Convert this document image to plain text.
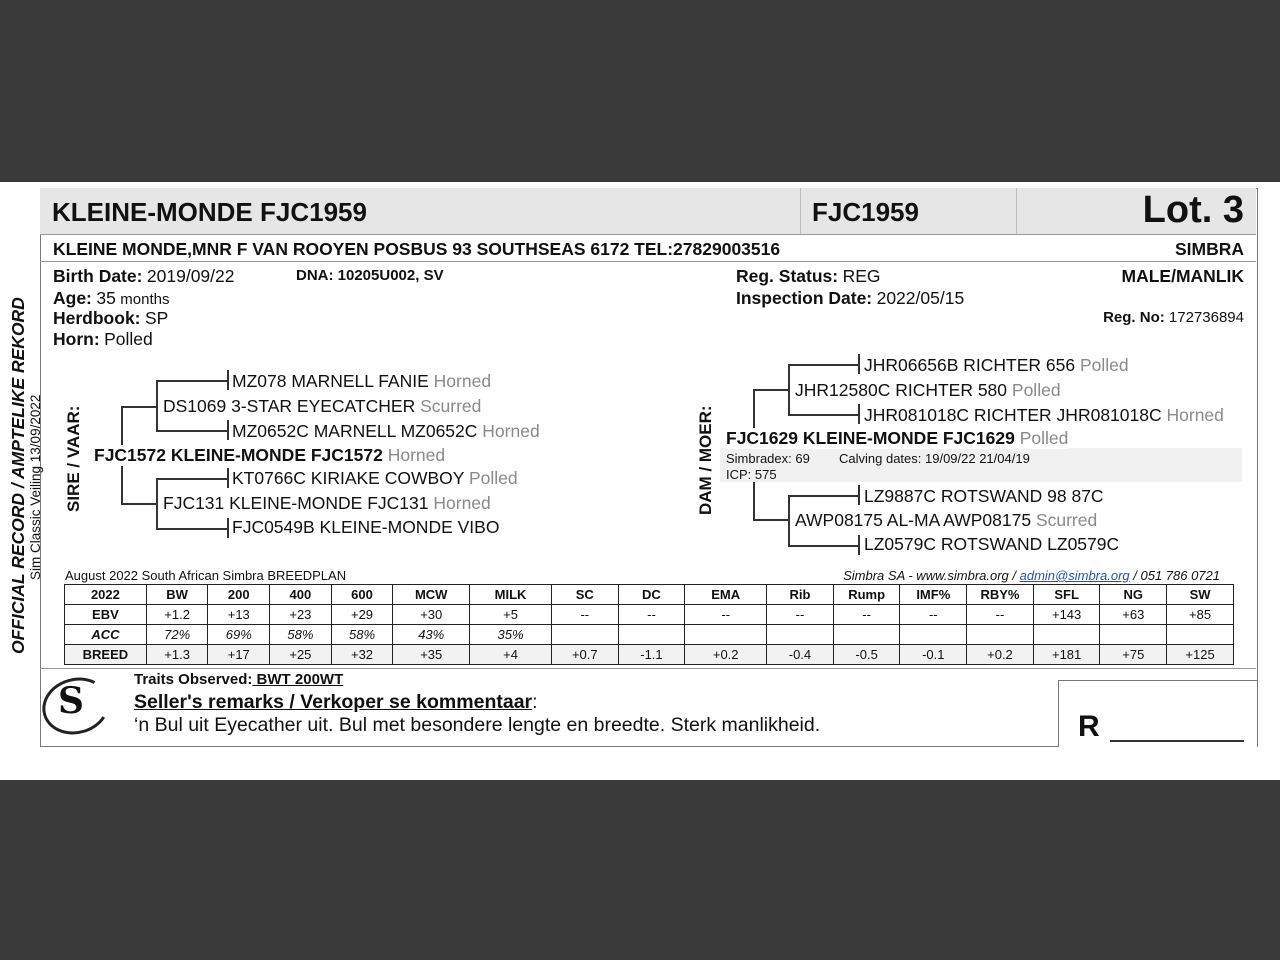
KLEINE-MONDE FJC1959	FJC1959	Lot. 3
KLEINE MONDE,MNR F VAN ROOYEN POSBUS 93 SOUTHSEAS 6172 TEL:27829003516	SIMBRA
Birth Date: 2019/09/22	DNA: 10205U002, SV
Age: 35 months
Herdbook: SP
Horn: Polled
Reg. Status: REG
Inspection Date: 2022/05/15
MALE/MANLIK
Reg. No: 172736894
OFFICIAL RECORD / AMPTELIKE REKORD Sim Classic Veiling 13/09/2022 SIRE / VAAR:
MZ078 MARNELL FANIE Horned
DS1069 3-STAR EYECATCHER Scurred
MZ0652C MARNELL MZ0652C Horned
FJC1572 KLEINE-MONDE FJC1572 Horned
KT0766C KIRIAKE COWBOY Polled
FJC131 KLEINE-MONDE FJC131 Horned
FJC0549B KLEINE-MONDE VIBO
DAM / MOER:
JHR06656B RICHTER 656 Polled
JHR12580C RICHTER 580 Polled
JHR081018C RICHTER JHR081018C Horned
FJC1629 KLEINE-MONDE FJC1629 Polled
Simbradex: 69 Calving dates: 19/09/22 21/04/19
ICP: 575
LZ9887C ROTSWAND 98 87C
AWP08175 AL-MA AWP08175 Scurred
LZ0579C ROTSWAND LZ0579C
August 2022 South African Simbra BREEDPLAN	Simbra SA - www.simbra.org / admin@simbra.org / 051 786 0721
2022	BW	200	400	600	MCW	MILK	SC	DC	EMA	Rib	Rump	IMF%	RBY%	SFL	NG	SW
EBV	+1.2	+13	+23	+29	+30	+5	--	--	--	--	--	--	--	+143	+63	+85
ACC	72%	69%	58%	58%	43%	35%										
BREED	+1.3	+17	+25	+32	+35	+4	+0.7	-1.1	+0.2	-0.4	-0.5	-0.1	+0.2	+181	+75	+125
S
Traits Observed: BWT 200WT
Seller's remarks / Verkoper se kommentaar:
‘n Bul uit Eyecather uit. Bul met besondere lengte en breedte. Sterk manlikheid.	R
